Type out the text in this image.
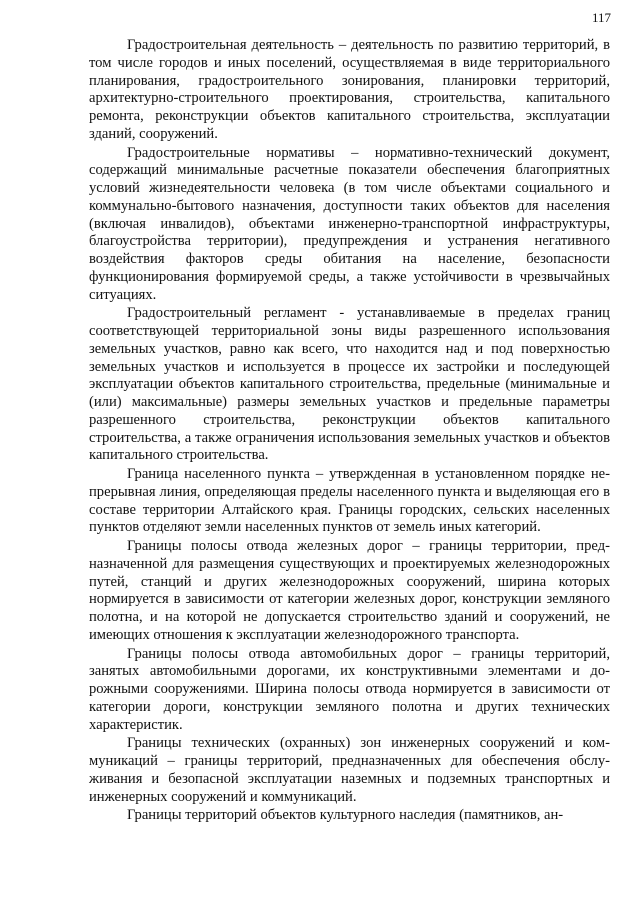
117

Градостроительная деятельность – деятельность по развитию территорий, в том числе городов и иных поселений, осуществляемая в виде территориального планирования, градостроительного зонирования, планировки территорий, архитектурно-строительного проектирования, строительства, капитального ремонта, реконструкции объектов капитального строительства, эксплуатации зданий, сооружений.

Градостроительные нормативы – нормативно-технический документ, содержащий минимальные расчетные показатели обеспечения благоприятных условий жизнедеятельности человека (в том числе объектами социального и коммунально-бытового назначения, доступности таких объектов для населения (включая инвалидов), объектами инженерно-транспортной инфраструктуры, благоустройства территории), предупреждения и устранения негативного воздействия факторов среды обитания на население, безопасности функционирования формируемой среды, а также устойчивости в чрезвычайных ситуациях.

Градостроительный регламент - устанавливаемые в пределах границ соответствующей территориальной зоны виды разрешенного использования земельных участков, равно как всего, что находится над и под поверхностью земельных участков и используется в процессе их застройки и последующей эксплуатации объектов капитального строительства, предельные (минимальные и (или) максимальные) размеры земельных участков и предельные параметры разрешенного строительства, реконструкции объектов капитального строительства, а также ограничения использования земельных участков и объектов капитального строительства.

Граница населенного пункта – утвержденная в установленном порядке непрерывная линия, определяющая пределы населенного пункта и выделяющая его в составе территории Алтайского края. Границы городских, сельских населенных пунктов отделяют земли населенных пунктов от земель иных категорий.

Границы полосы отвода железных дорог – границы территории, предназначенной для размещения существующих и проектируемых железнодорожных путей, станций и других железнодорожных сооружений, ширина которых нормируется в зависимости от категории железных дорог, конструкции земляного полотна, и на которой не допускается строительство зданий и сооружений, не имеющих отношения к эксплуатации железнодорожного транспорта.

Границы полосы отвода автомобильных дорог – границы территорий, занятых автомобильными дорогами, их конструктивными элементами и дорожными сооружениями. Ширина полосы отвода нормируется в зависимости от категории дороги, конструкции земляного полотна и других технических характеристик.

Границы технических (охранных) зон инженерных сооружений и коммуникаций – границы территорий, предназначенных для обеспечения обслуживания и безопасной эксплуатации наземных и подземных транспортных и инженерных сооружений и коммуникаций.

Границы территорий объектов культурного наследия (памятников, ан-
